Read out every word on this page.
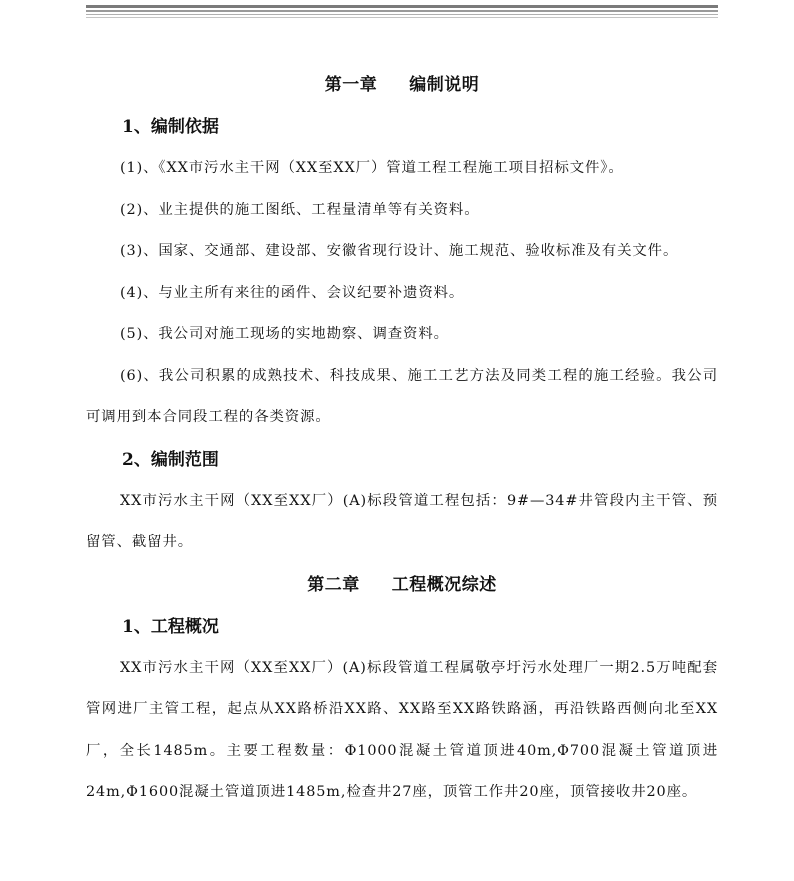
第一章     编制说明
1、编制依据

(1)、《XX市污水主干网（XX至XX厂）管道工程工程施工项目招标文件》。

(2)、业主提供的施工图纸、工程量清单等有关资料。

(3)、国家、交通部、建设部、安徽省现行设计、施工规范、验收标准及有关文件。

(4)、与业主所有来往的函件、会议纪要补遗资料。

(5)、我公司对施工现场的实地勘察、调查资料。

(6)、我公司积累的成熟技术、科技成果、施工工艺方法及同类工程的施工经验。我公司可调用到本合同段工程的各类资源。

2、编制范围

XX市污水主干网（XX至XX厂）(A)标段管道工程包括：9#—34#井管段内主干管、预留管、截留井。

第二章     工程概况综述
1、工程概况

XX市污水主干网（XX至XX厂）(A)标段管道工程属敬亭圩污水处理厂一期2.5万吨配套管网进厂主管工程，起点从XX路桥沿XX路、XX路至XX路铁路涵，再沿铁路西侧向北至XX厂，全长1485m。主要工程数量：Φ1000混凝土管道顶进40m,Φ700混凝土管道顶进24m,Φ1600混凝土管道顶进1485m,检查井27座，顶管工作井20座，顶管接收井20座。
